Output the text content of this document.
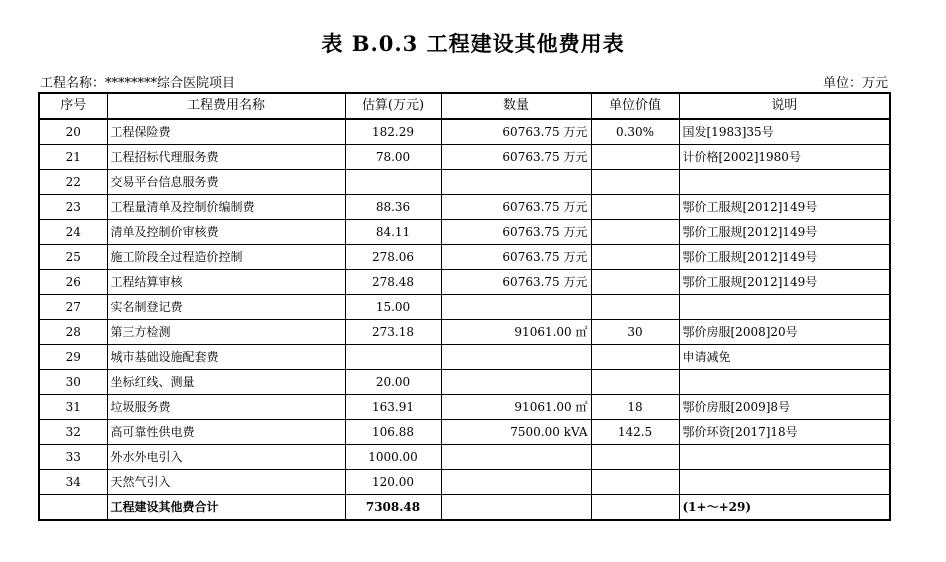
表 B.0.3 工程建设其他费用表
工程名称：********综合医院项目	单位：万元
序号	工程费用名称	估算(万元)	数量	单位价值	说明
20	工程保险费	182.29	60763.75 万元	0.30%	国发[1983]35号
21	工程招标代理服务费	78.00	60763.75 万元		计价格[2002]1980号
22	交易平台信息服务费				
23	工程量清单及控制价编制费	88.36	60763.75 万元		鄂价工服规[2012]149号
24	清单及控制价审核费	84.11	60763.75 万元		鄂价工服规[2012]149号
25	施工阶段全过程造价控制	278.06	60763.75 万元		鄂价工服规[2012]149号
26	工程结算审核	278.48	60763.75 万元		鄂价工服规[2012]149号
27	实名制登记费	15.00			
28	第三方检测	273.18	91061.00 ㎡	30	鄂价房服[2008]20号
29	城市基础设施配套费				申请减免
30	坐标红线、测量	20.00			
31	垃圾服务费	163.91	91061.00 ㎡	18	鄂价房服[2009]8号
32	高可靠性供电费	106.88	7500.00 kVA	142.5	鄂价环资[2017]18号
33	外水外电引入	1000.00			
34	天然气引入	120.00			
	工程建设其他费合计	7308.48			(1+～+29)
